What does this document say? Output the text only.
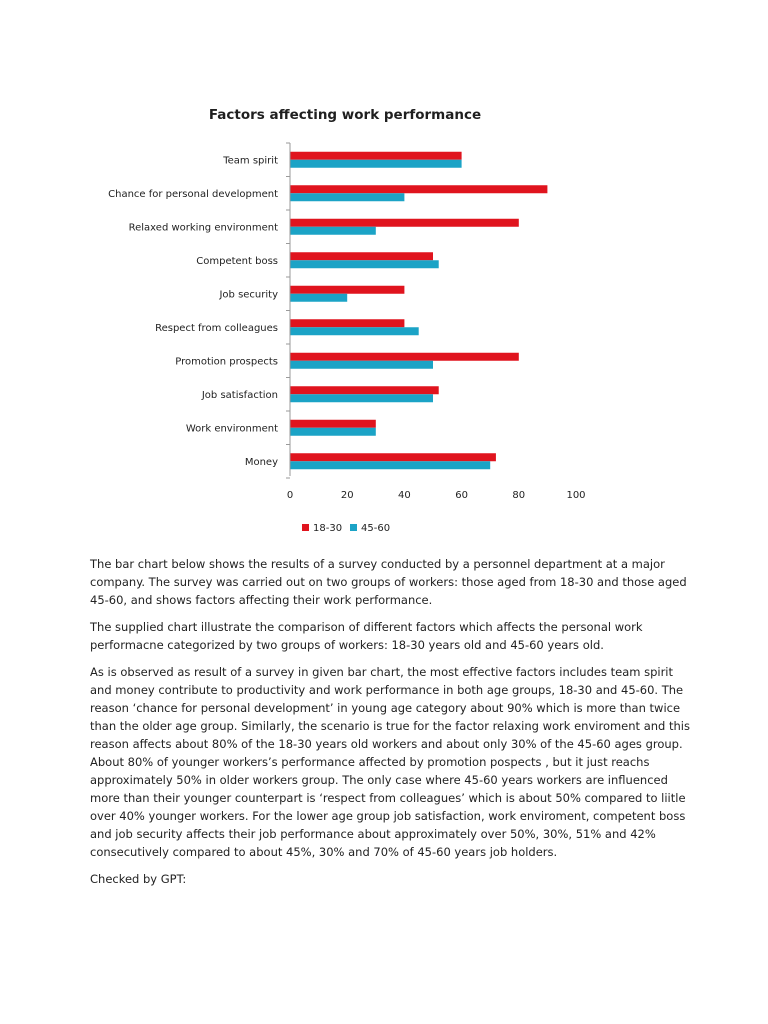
Factors affecting work performance
Team spirit
Chance for personal development
Relaxed working environment
Competent boss
Job security
Respect from colleagues
Promotion prospects
Job satisfaction
Work environment
Money
0	20	40	60	80	100
18-30 45-60

The bar chart below shows the results of a survey conducted by a personnel department at a major company. The survey was carried out on two groups of workers: those aged from 18-30 and those aged 45-60, and shows factors affecting their work performance.

The supplied chart illustrate the comparison of different factors which affects the personal work performacne categorized by two groups of workers: 18-30 years old and 45-60 years old.

As is observed as result of a survey in given bar chart, the most effective factors includes team spirit and money contribute to productivity and work performance in both age groups, 18-30 and 45-60. The reason ‘chance for personal development’ in young age category about 90% which is more than twice than the older age group. Similarly, the scenario is true for the factor relaxing work enviroment and this reason affects about 80% of the 18-30 years old workers and about only 30% of the 45-60 ages group. About 80% of younger workers’s performance affected by promotion pospects , but it just reachs approximately 50% in older workers group. The only case where 45-60 years workers are influenced more than their younger counterpart is ‘respect from colleagues’ which is about 50% compared to liitle over 40% younger workers. For the lower age group job satisfaction, work enviroment, competent boss and job security affects their job performance about approximately over 50%, 30%, 51% and 42% consecutively compared to about 45%, 30% and 70% of 45-60 years job holders.

Checked by GPT:
